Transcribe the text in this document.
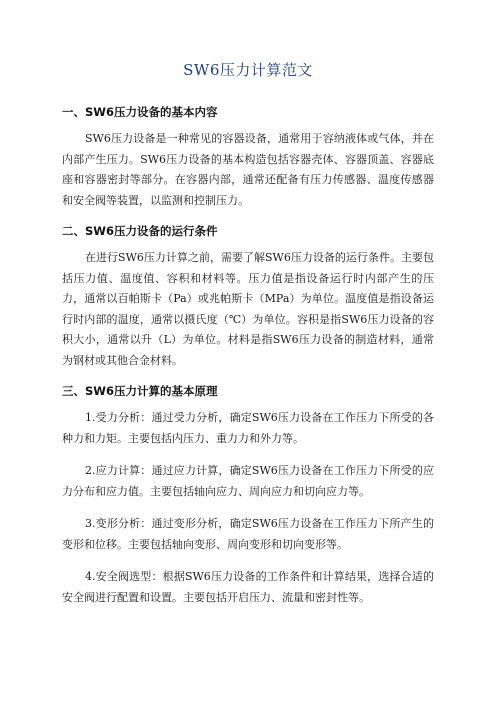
SW6压力计算范文
一、SW6压力设备的基本内容

SW6压力设备是一种常见的容器设备，通常用于容纳液体或气体，并在内部产生压力。SW6压力设备的基本构造包括容器壳体、容器顶盖、容器底座和容器密封等部分。在容器内部，通常还配备有压力传感器、温度传感器和安全阀等装置，以监测和控制压力。

二、SW6压力设备的运行条件

在进行SW6压力计算之前，需要了解SW6压力设备的运行条件。主要包括压力值、温度值、容积和材料等。压力值是指设备运行时内部产生的压力，通常以百帕斯卡（Pa）或兆帕斯卡（MPa）为单位。温度值是指设备运行时内部的温度，通常以摄氏度（℃）为单位。容积是指SW6压力设备的容积大小，通常以升（L）为单位。材料是指SW6压力设备的制造材料，通常为钢材或其他合金材料。

三、SW6压力计算的基本原理

1.受力分析：通过受力分析，确定SW6压力设备在工作压力下所受的各种力和力矩。主要包括内压力、重力力和外力等。

2.应力计算：通过应力计算，确定SW6压力设备在工作压力下所受的应力分布和应力值。主要包括轴向应力、周向应力和切向应力等。

3.变形分析：通过变形分析，确定SW6压力设备在工作压力下所产生的变形和位移。主要包括轴向变形、周向变形和切向变形等。

4.安全阀选型：根据SW6压力设备的工作条件和计算结果，选择合适的安全阀进行配置和设置。主要包括开启压力、流量和密封性等。
